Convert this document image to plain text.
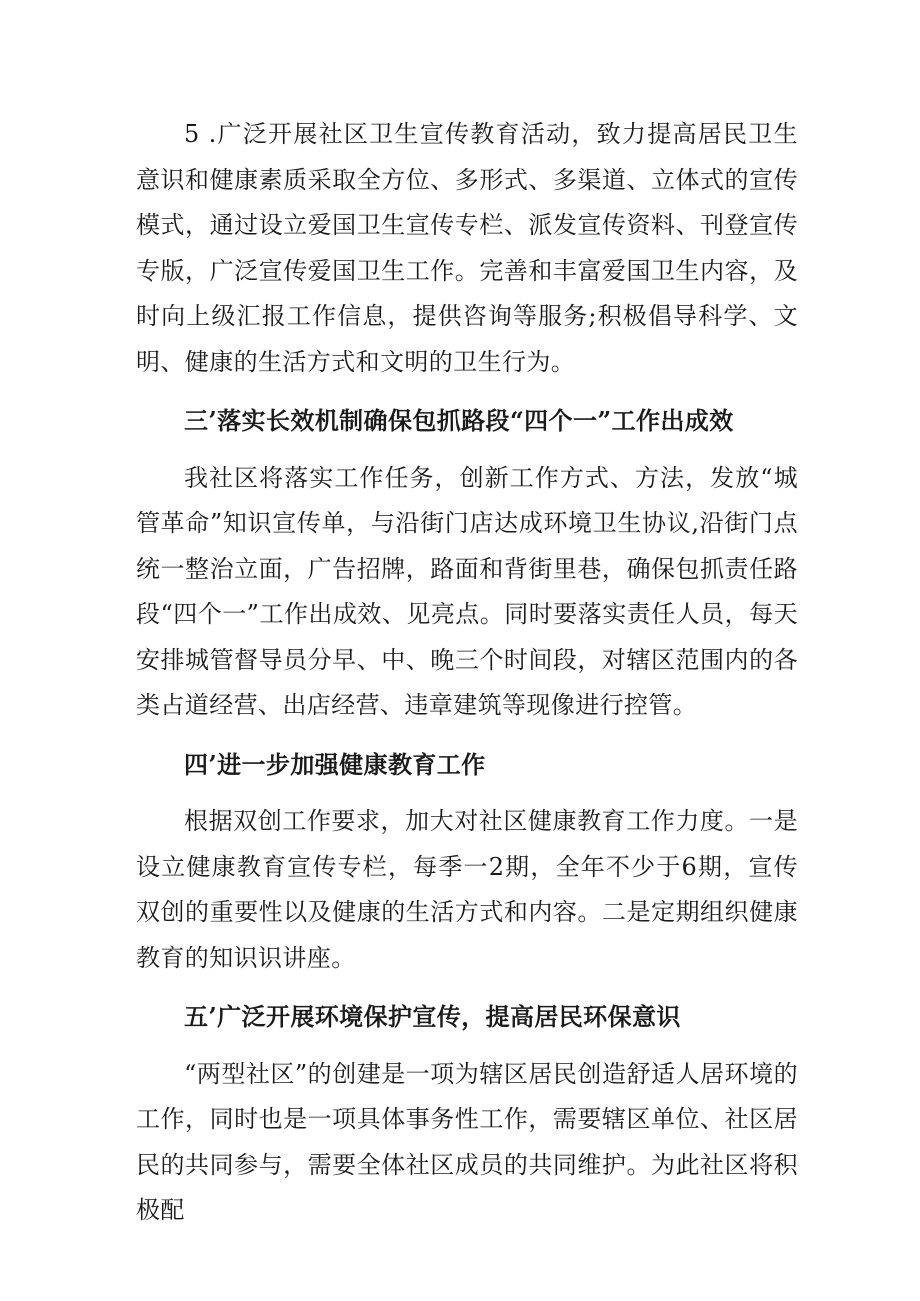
5 .广泛开展社区卫生宣传教育活动，致力提高居民卫生意识和健康素质采取全方位、多形式、多渠道、立体式的宣传模式，通过设立爱国卫生宣传专栏、派发宣传资料、刊登宣传专版，广泛宣传爱国卫生工作。完善和丰富爱国卫生内容，及时向上级汇报工作信息，提供咨询等服务;积极倡导科学、文明、健康的生活方式和文明的卫生行为。

三’落实长效机制确保包抓路段“四个一”工作出成效

我社区将落实工作任务，创新工作方式、方法，发放“城管革命”知识宣传单，与沿街门店达成环境卫生协议,沿街门点统一整治立面，广告招牌，路面和背街里巷，确保包抓责任路段“四个一”工作出成效、见亮点。同时要落实责任人员，每天安排城管督导员分早、中、晚三个时间段，对辖区范围内的各类占道经营、出店经营、违章建筑等现像进行控管。

四’进一步加强健康教育工作

根据双创工作要求，加大对社区健康教育工作力度。一是设立健康教育宣传专栏，每季一2期，全年不少于6期，宣传双创的重要性以及健康的生活方式和内容。二是定期组织健康教育的知识识讲座。

五’广泛开展环境保护宣传，提高居民环保意识

“两型社区”的创建是一项为辖区居民创造舒适人居环境的工作，同时也是一项具体事务性工作，需要辖区单位、社区居民的共同参与，需要全体社区成员的共同维护。为此社区将积极配
